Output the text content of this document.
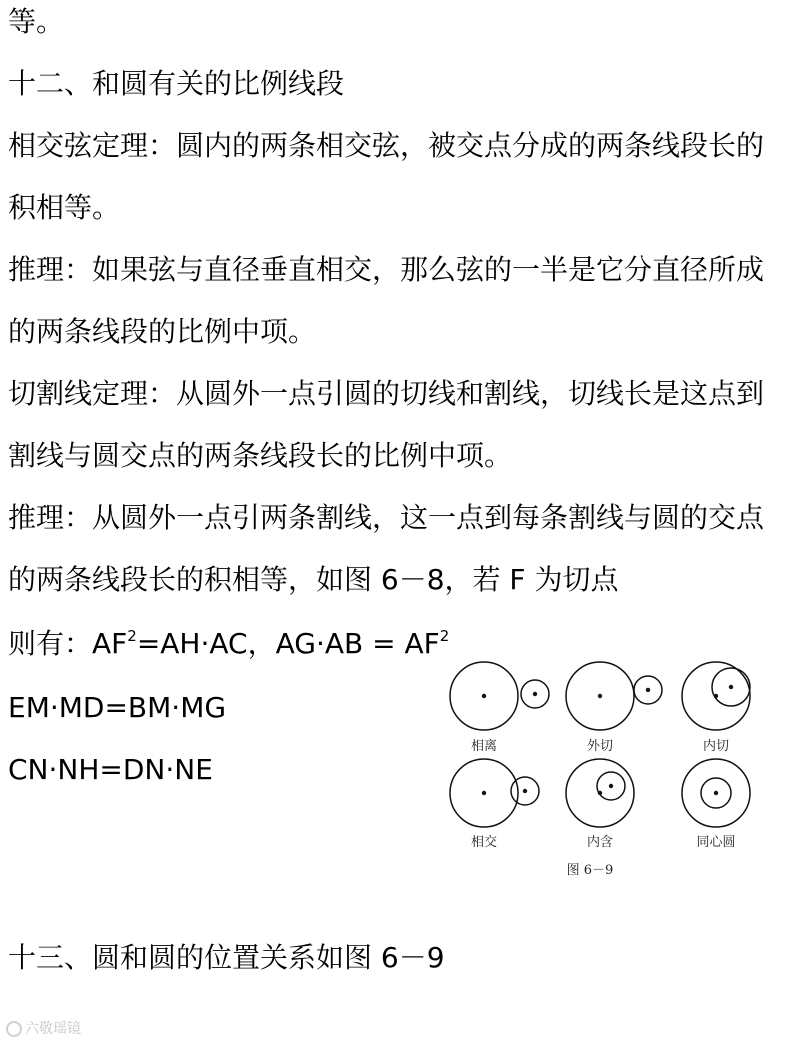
等。

十二、和圆有关的比例线段

相交弦定理：圆内的两条相交弦，被交点分成的两条线段长的

积相等。

推理：如果弦与直径垂直相交，那么弦的一半是它分直径所成

的两条线段的比例中项。

切割线定理：从圆外一点引圆的切线和割线，切线长是这点到

割线与圆交点的两条线段长的比例中项。

推理：从圆外一点引两条割线，这一点到每条割线与圆的交点

的两条线段长的积相等，如图 6－8，若 F 为切点

则有：$AF^2=AH\cdot AC$，$AG\cdot AB = AF^2$

EM·MD=BM·MG

CN·NH=DN·NE

十三、圆和圆的位置关系如图 6－9

相离	外切	内切
相交	内含	同心圆
图 6－9
六敬瑶镜
